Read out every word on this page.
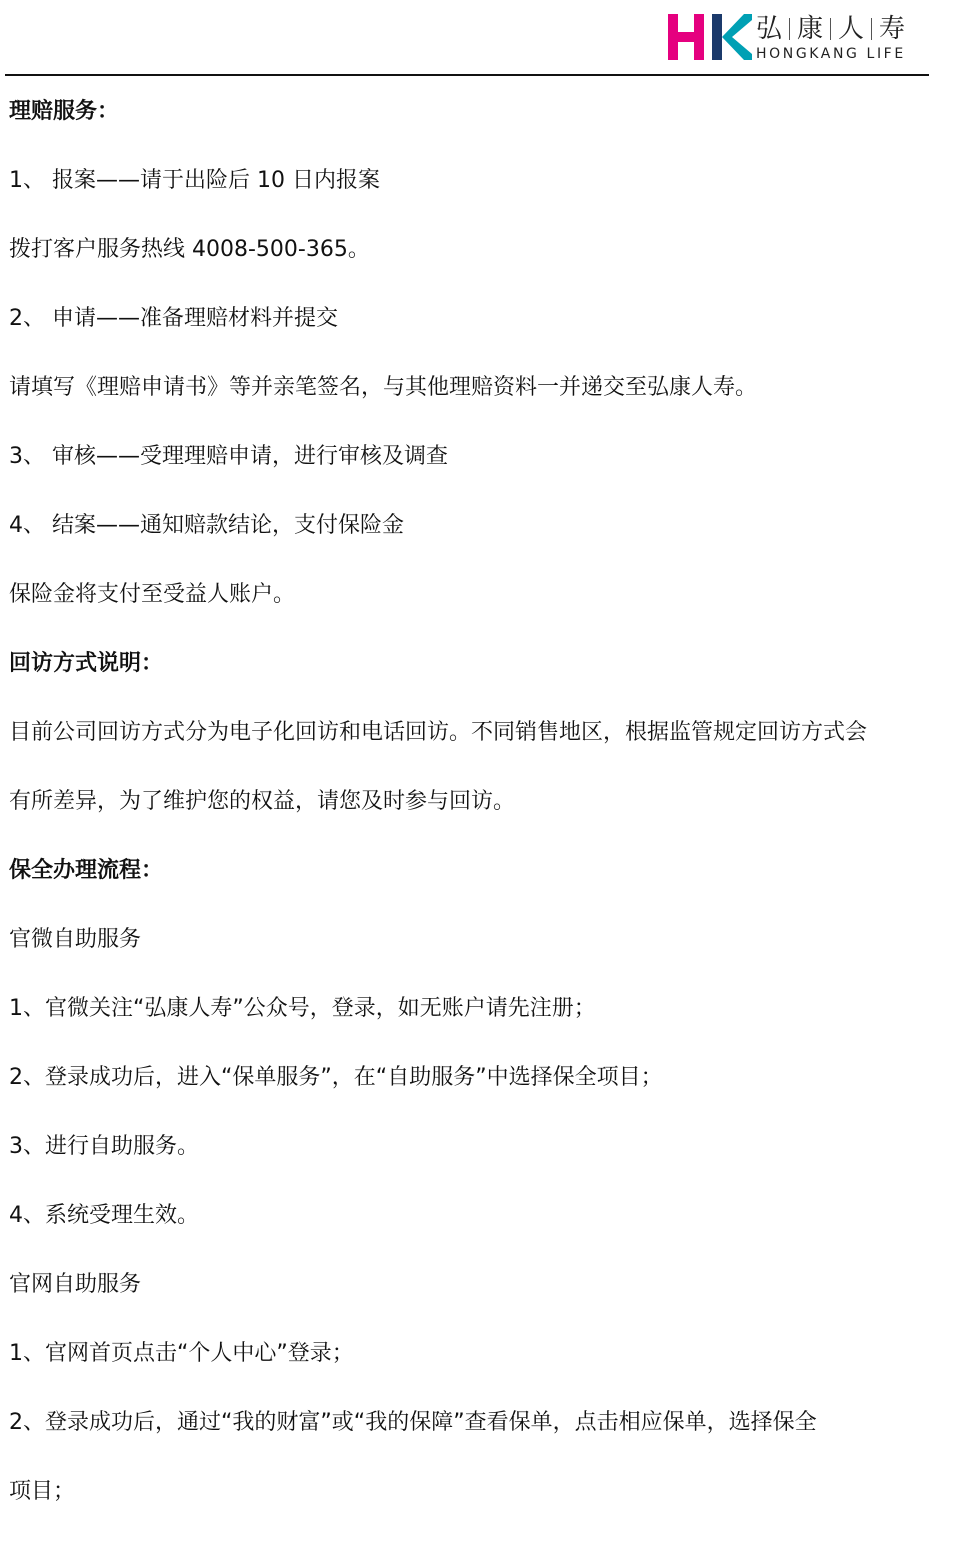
弘 康 人 寿
HONGKANG LIFE
理赔服务：
1、 报案——请于出险后 10 日内报案
拨打客户服务热线 4008-500-365。
2、 申请——准备理赔材料并提交
请填写《理赔申请书》等并亲笔签名，与其他理赔资料一并递交至弘康人寿。
3、 审核——受理理赔申请，进行审核及调查
4、 结案——通知赔款结论，支付保险金
保险金将支付至受益人账户。
回访方式说明：
目前公司回访方式分为电子化回访和电话回访。不同销售地区，根据监管规定回访方式会
有所差异，为了维护您的权益，请您及时参与回访。
保全办理流程：
官微自助服务
1、官微关注“弘康人寿”公众号，登录，如无账户请先注册；
2、登录成功后，进入“保单服务”，在“自助服务”中选择保全项目；
3、进行自助服务。
4、系统受理生效。
官网自助服务
1、官网首页点击“个人中心”登录；
2、登录成功后，通过“我的财富”或“我的保障”查看保单，点击相应保单，选择保全
项目；
